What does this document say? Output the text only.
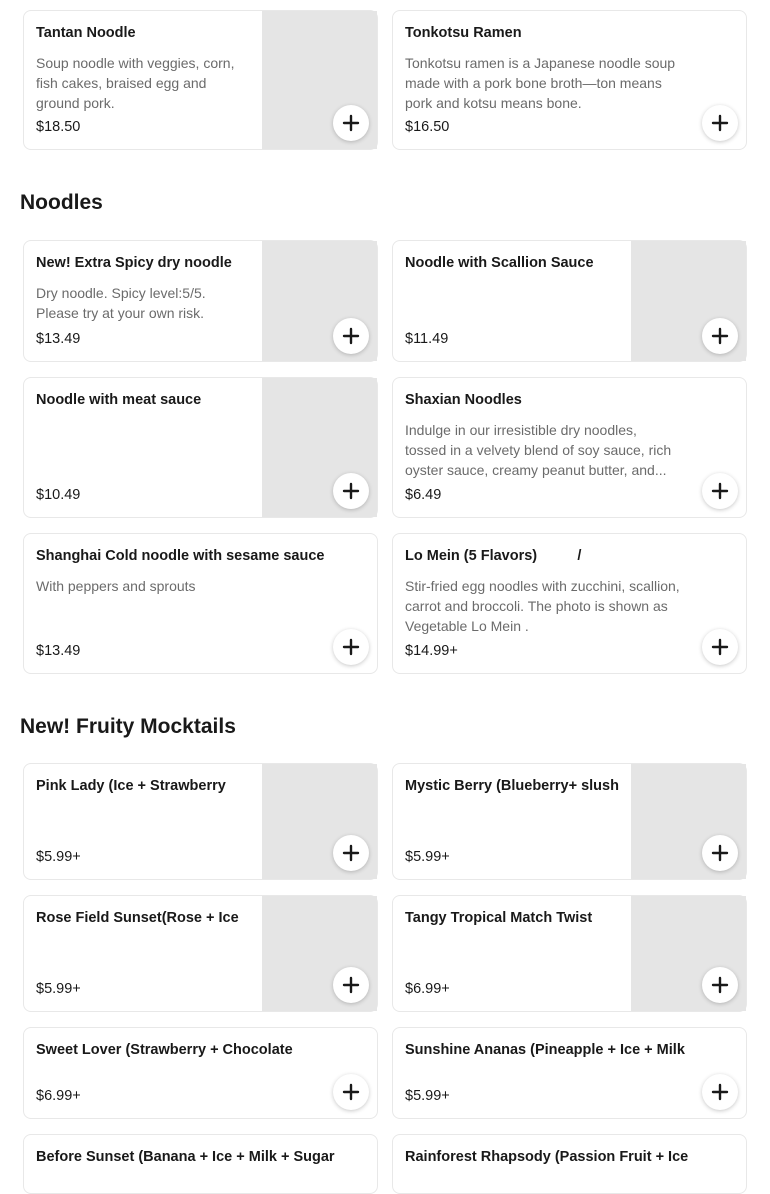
Tantan Noodle
Soup noodle with veggies, corn, fish cakes, braised egg and ground pork.
$18.50
Tonkotsu Ramen
Tonkotsu ramen is a Japanese noodle soup made with a pork bone broth—ton means pork and kotsu means bone.
$16.50
Noodles
New! Extra Spicy dry noodle
Dry noodle. Spicy level:5/5. Please try at your own risk.
$13.49
Noodle with Scallion Sauce
$11.49
Noodle with meat sauce
$10.49
Shaxian Noodles
Indulge in our irresistible dry noodles, tossed in a velvety blend of soy sauce, rich oyster sauce, creamy peanut butter, and...
$6.49
Shanghai Cold noodle with sesame sauce
With peppers and sprouts
$13.49
Lo Mein (5 Flavors)          /
Stir-fried egg noodles with zucchini, scallion, carrot and broccoli. The photo is shown as Vegetable Lo Mein .
$14.99+
New! Fruity Mocktails
Pink Lady (Ice + Strawberry
$5.99+
Mystic Berry (Blueberry+ slush
$5.99+
Rose Field Sunset(Rose + Ice
$5.99+
Tangy Tropical Match Twist
$6.99+
Sweet Lover (Strawberry + Chocolate
$6.99+
Sunshine Ananas (Pineapple + Ice + Milk
$5.99+
Before Sunset (Banana + Ice + Milk + Sugar	Rainforest Rhapsody (Passion Fruit + Ice
